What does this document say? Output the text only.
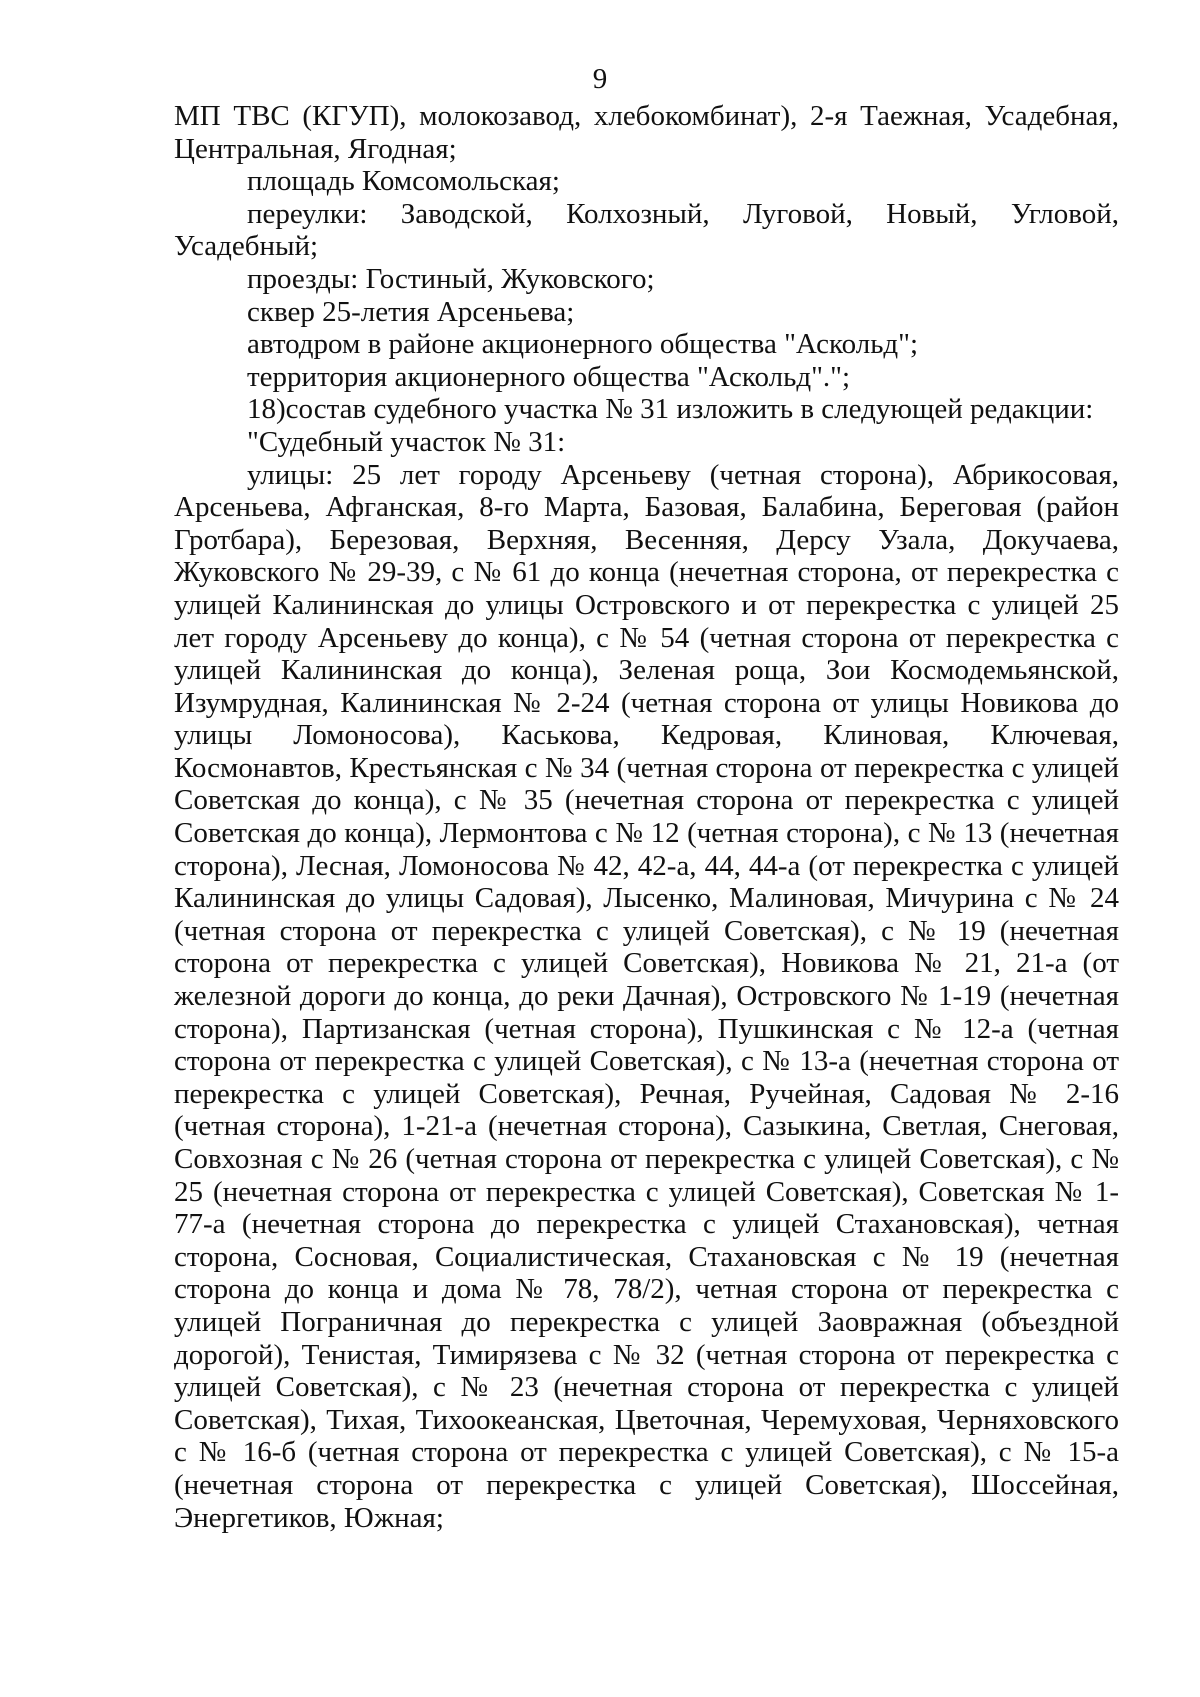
9

МП ТВС (КГУП), молокозавод, хлебокомбинат), 2-я Таежная, Усадебная, Центральная, Ягодная;

площадь Комсомольская;

переулки: Заводской, Колхозный, Луговой, Новый, Угловой, Усадебный;

проезды: Гостиный, Жуковского;

сквер 25-летия Арсеньева;

автодром в районе акционерного общества "Аскольд";

территория акционерного общества "Аскольд".";

18)состав судебного участка № 31 изложить в следующей редакции:

"Судебный участок № 31:

улицы: 25 лет городу Арсеньеву (четная сторона), Абрикосовая, Арсеньева, Афганская, 8-го Марта, Базовая, Балабина, Береговая (район Гротбара), Березовая, Верхняя, Весенняя, Дерсу Узала, Докучаева, Жуковского № 29-39, с № 61 до конца (нечетная сторона, от перекрестка с улицей Калининская до улицы Островского и от перекрестка с улицей 25 лет городу Арсеньеву до конца), с № 54 (четная сторона от перекрестка с улицей Калининская до конца), Зеленая роща, Зои Космодемьянской, Изумрудная, Калининская № 2-24 (четная сторона от улицы Новикова до улицы Ломоносова), Каськова, Кедровая, Клиновая, Ключевая, Космонавтов, Крестьянская с № 34 (четная сторона от перекрестка с улицей Советская до конца), с № 35 (нечетная сторона от перекрестка с улицей Советская до конца), Лермонтова с № 12 (четная сторона), с № 13 (нечетная сторона), Лесная, Ломоносова № 42, 42-а, 44, 44-а (от перекрестка с улицей Калининская до улицы Садовая), Лысенко, Малиновая, Мичурина с № 24 (четная сторона от перекрестка с улицей Советская), с № 19 (нечетная сторона от перекрестка с улицей Советская), Новикова № 21, 21-а (от железной дороги до конца, до реки Дачная), Островского № 1-19 (нечетная сторона), Партизанская (четная сторона), Пушкинская с № 12-а (четная сторона от перекрестка с улицей Советская), с № 13-а (нечетная сторона от перекрестка с улицей Советская), Речная, Ручейная, Садовая № 2-16 (четная сторона), 1-21-а (нечетная сторона), Сазыкина, Светлая, Снеговая, Совхозная с № 26 (четная сторона от перекрестка с улицей Советская), с № 25 (нечетная сторона от перекрестка с улицей Советская), Советская № 1-77-а (нечетная сторона до перекрестка с улицей Стахановская), четная сторона, Сосновая, Социалистическая, Стахановская с № 19 (нечетная сторона до конца и дома № 78, 78/2), четная сторона от перекрестка с улицей Пограничная до перекрестка с улицей Заовражная (объездной дорогой), Тенистая, Тимирязева с № 32 (четная сторона от перекрестка с улицей Советская), с № 23 (нечетная сторона от перекрестка с улицей Советская), Тихая, Тихоокеанская, Цветочная, Черемуховая, Черняховского с № 16-б (четная сторона от перекрестка с улицей Советская), с № 15-а (нечетная сторона от перекрестка с улицей Советская), Шоссейная, Энергетиков, Южная;
